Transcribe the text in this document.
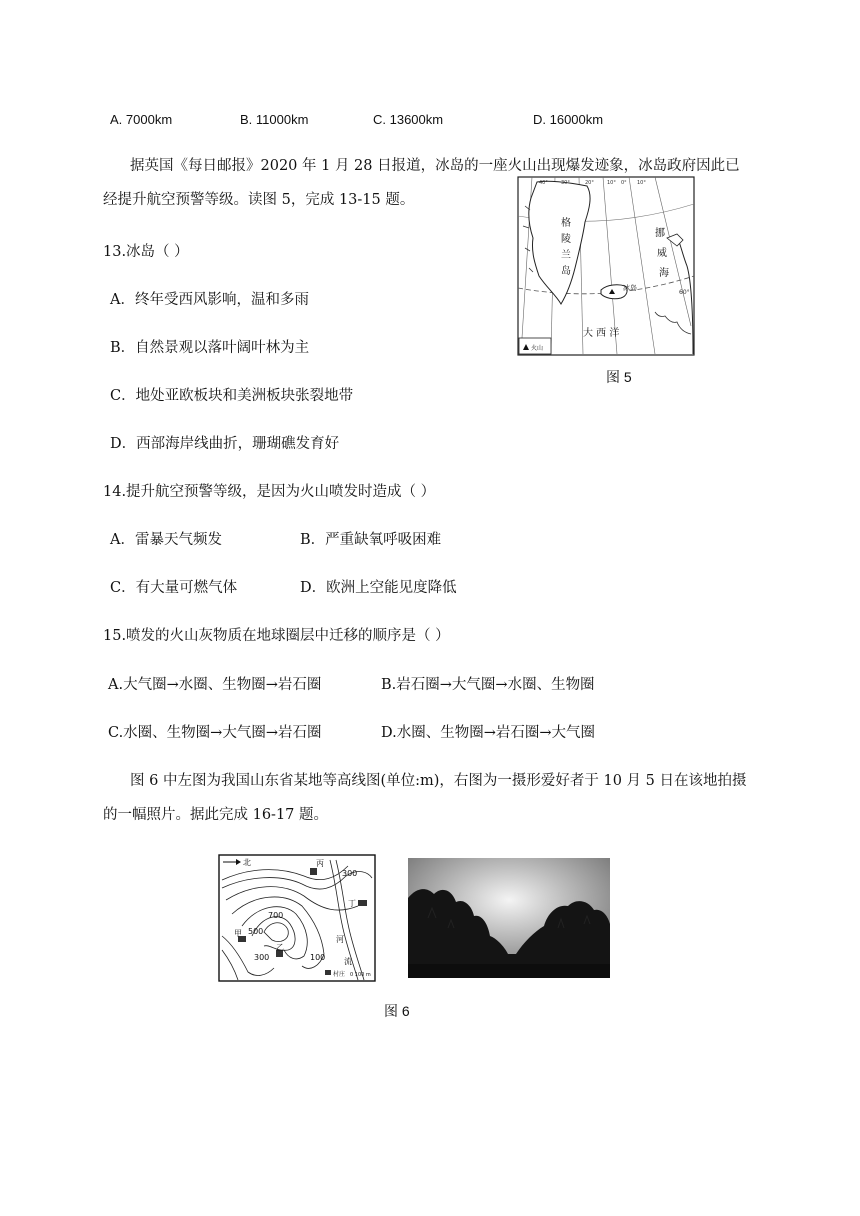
A. 7000km	B. 11000km	C. 13600km	D. 16000km
据英国《每日邮报》2020 年 1 月 28 日报道，冰岛的一座火山出现爆发迹象，冰岛政府因此已
经提升航空预警等级。读图 5，完成 13-15 题。
冰岛
40°	30°	20°	10° 0° 10°
60°
格
陵
兰
岛
挪
威
海
大 西 洋
火山
图 5
13.冰岛（ ）
A．终年受西风影响，温和多雨
B．自然景观以落叶阔叶林为主
C．地处亚欧板块和美洲板块张裂地带
D．西部海岸线曲折，珊瑚礁发育好
14.提升航空预警等级，是因为火山喷发时造成（ ）
A．雷暴天气频发	B．严重缺氧呼吸困难
C．有大量可燃气体	D．欧洲上空能见度降低
15.喷发的火山灰物质在地球圈层中迁移的顺序是（ ）
A.大气圈→水圈、生物圈→岩石圈	B.岩石圈→大气圈→水圈、生物圈
C.水圈、生物圈→大气圈→岩石圈	D.水圈、生物圈→岩石圈→大气圈
图 6 中左图为我国山东省某地等高线图(单位:m)，右图为一摄形爱好者于 10 月 5 日在该地拍摄
的一幅照片。据此完成 16-17 题。
北	丙
丁
甲
乙
300
700
500
300	100
河
流
村庄 0 100 m
图 6
